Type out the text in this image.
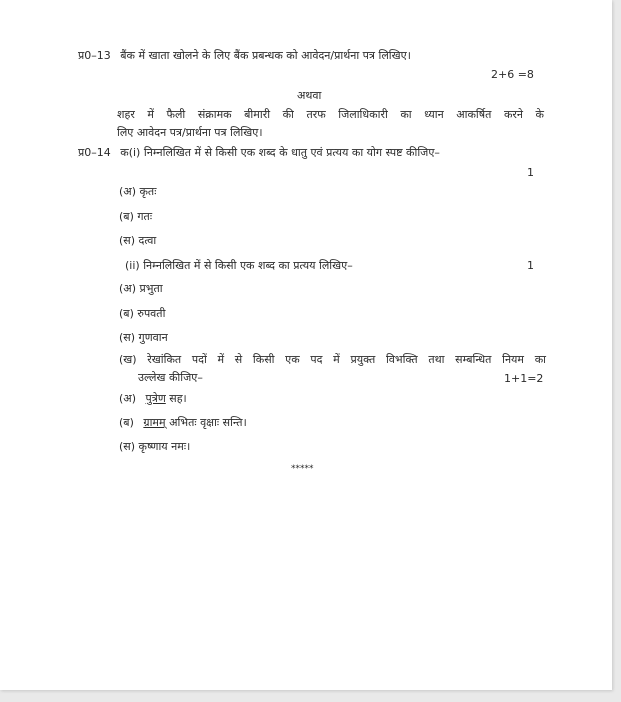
प्र0–13 बैंक में खाता खोलने के लिए बैंक प्रबन्धक को आवेदन/प्रार्थना पत्र लिखिए।
2+6 =8
अथवा
शहर में फैली संक्रामक बीमारी की तरफ जिलाधिकारी का ध्यान आकर्षित करने के
लिए आवेदन पत्र/प्रार्थना पत्र लिखिए।
प्र0–14 क(i) निम्नलिखित में से किसी एक शब्द के धातु एवं प्रत्यय का योग स्पष्ट कीजिए–
1
(अ) कृतः
(ब) गतः
(स) दत्वा
(ii) निम्नलिखित में से किसी एक शब्द का प्रत्यय लिखिए–	1
(अ) प्रभुता
(ब) रुपवती
(स) गुणवान
(ख) रेखांकित पदों में से किसी एक पद में प्रयुक्त विभक्ति तथा सम्बन्धित नियम का
उल्लेख कीजिए–	1+1=2
(अ) पुत्रेण सह।
(ब) ग्रामम् अभितः वृक्षाः सन्ति।
(स) कृष्णाय नमः।
*****
